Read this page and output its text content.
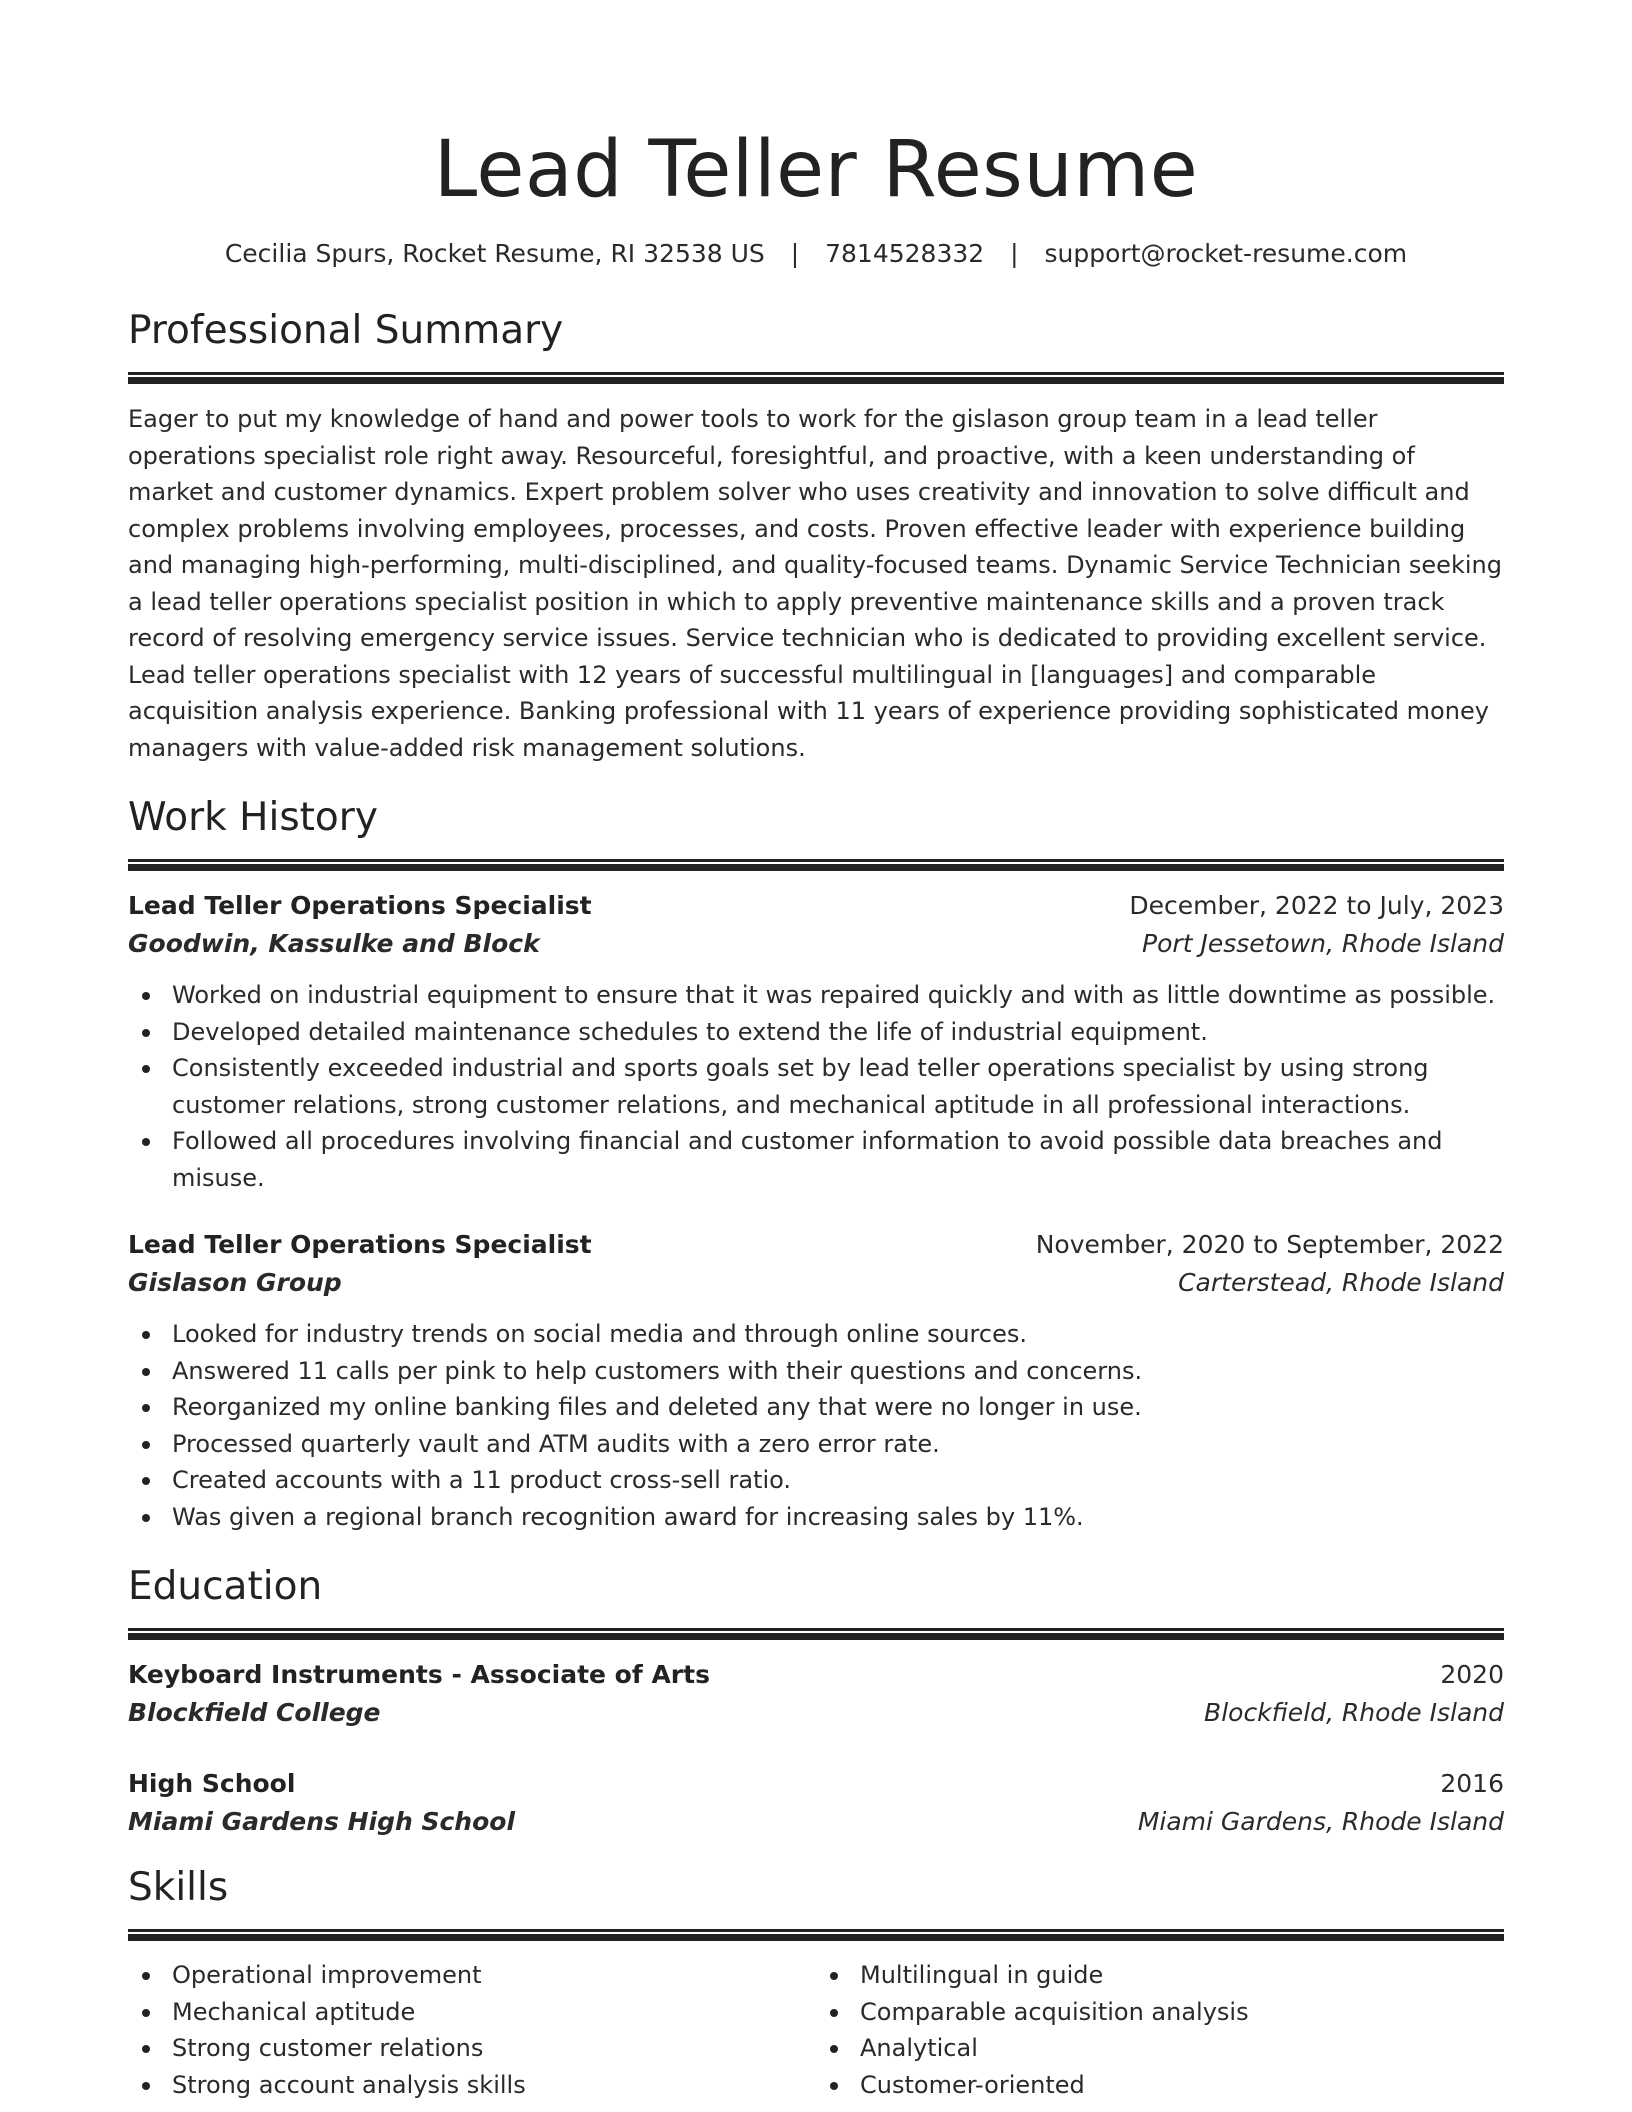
Lead Teller Resume
Cecilia Spurs, Rocket Resume, RI 32538 US | 7814528332 | support@rocket-resume.com
Professional Summary

Eager to put my knowledge of hand and power tools to work for the gislason group team in a lead teller operations specialist role right away. Resourceful, foresightful, and proactive, with a keen understanding of market and customer dynamics. Expert problem solver who uses creativity and innovation to solve difficult and complex problems involving employees, processes, and costs. Proven effective leader with experience building and managing high-performing, multi-disciplined, and quality-focused teams. Dynamic Service Technician seeking a lead teller operations specialist position in which to apply preventive maintenance skills and a proven track record of resolving emergency service issues. Service technician who is dedicated to providing excellent service. Lead teller operations specialist with 12 years of successful multilingual in [languages] and comparable acquisition analysis experience. Banking professional with 11 years of experience providing sophisticated money managers with value-added risk management solutions.

Work History
Lead Teller Operations Specialist	December, 2022 to July, 2023
Goodwin, Kassulke and Block	Port Jessetown, Rhode Island
Worked on industrial equipment to ensure that it was repaired quickly and with as little downtime as possible.
Developed detailed maintenance schedules to extend the life of industrial equipment.
Consistently exceeded industrial and sports goals set by lead teller operations specialist by using strong customer relations, strong customer relations, and mechanical aptitude in all professional interactions.
Followed all procedures involving financial and customer information to avoid possible data breaches and misuse.
Lead Teller Operations Specialist	November, 2020 to September, 2022
Gislason Group	Carterstead, Rhode Island
Looked for industry trends on social media and through online sources.
Answered 11 calls per pink to help customers with their questions and concerns.
Reorganized my online banking files and deleted any that were no longer in use.
Processed quarterly vault and ATM audits with a zero error rate.
Created accounts with a 11 product cross-sell ratio.
Was given a regional branch recognition award for increasing sales by 11%.
Education
Keyboard Instruments - Associate of Arts	2020
Blockfield College	Blockfield, Rhode Island
High School	2016
Miami Gardens High School	Miami Gardens, Rhode Island
Skills
Operational improvement
Mechanical aptitude
Strong customer relations
Strong account analysis skills
Multilingual in guide
Comparable acquisition analysis
Analytical
Customer-oriented
